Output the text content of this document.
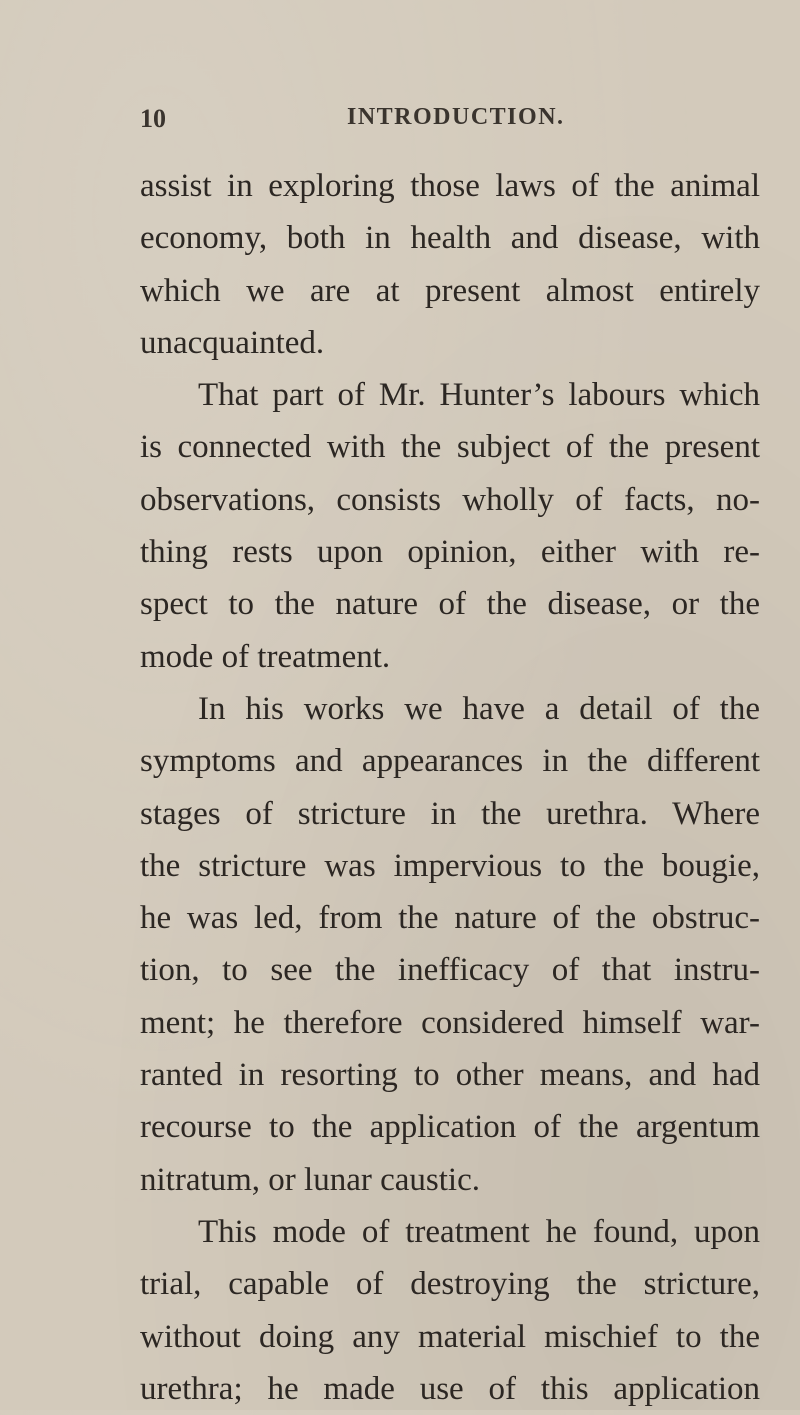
10	INTRODUCTION.
assist in exploring those laws of the animal
economy, both in health and disease, with
which we are at present almost entirely
unacquainted.
That part of Mr. Hunter’s labours which
is connected with the subject of the present
observations, consists wholly of facts, no-
thing rests upon opinion, either with re-
spect to the nature of the disease, or the
mode of treatment.
In his works we have a detail of the
symptoms and appearances in the different
stages of stricture in the urethra. Where
the stricture was impervious to the bougie,
he was led, from the nature of the obstruc-
tion, to see the inefficacy of that instru-
ment; he therefore considered himself war-
ranted in resorting to other means, and had
recourse to the application of the argentum
nitratum, or lunar caustic.
This mode of treatment he found, upon
trial, capable of destroying the stricture,
without doing any material mischief to the
urethra; he made use of this application
